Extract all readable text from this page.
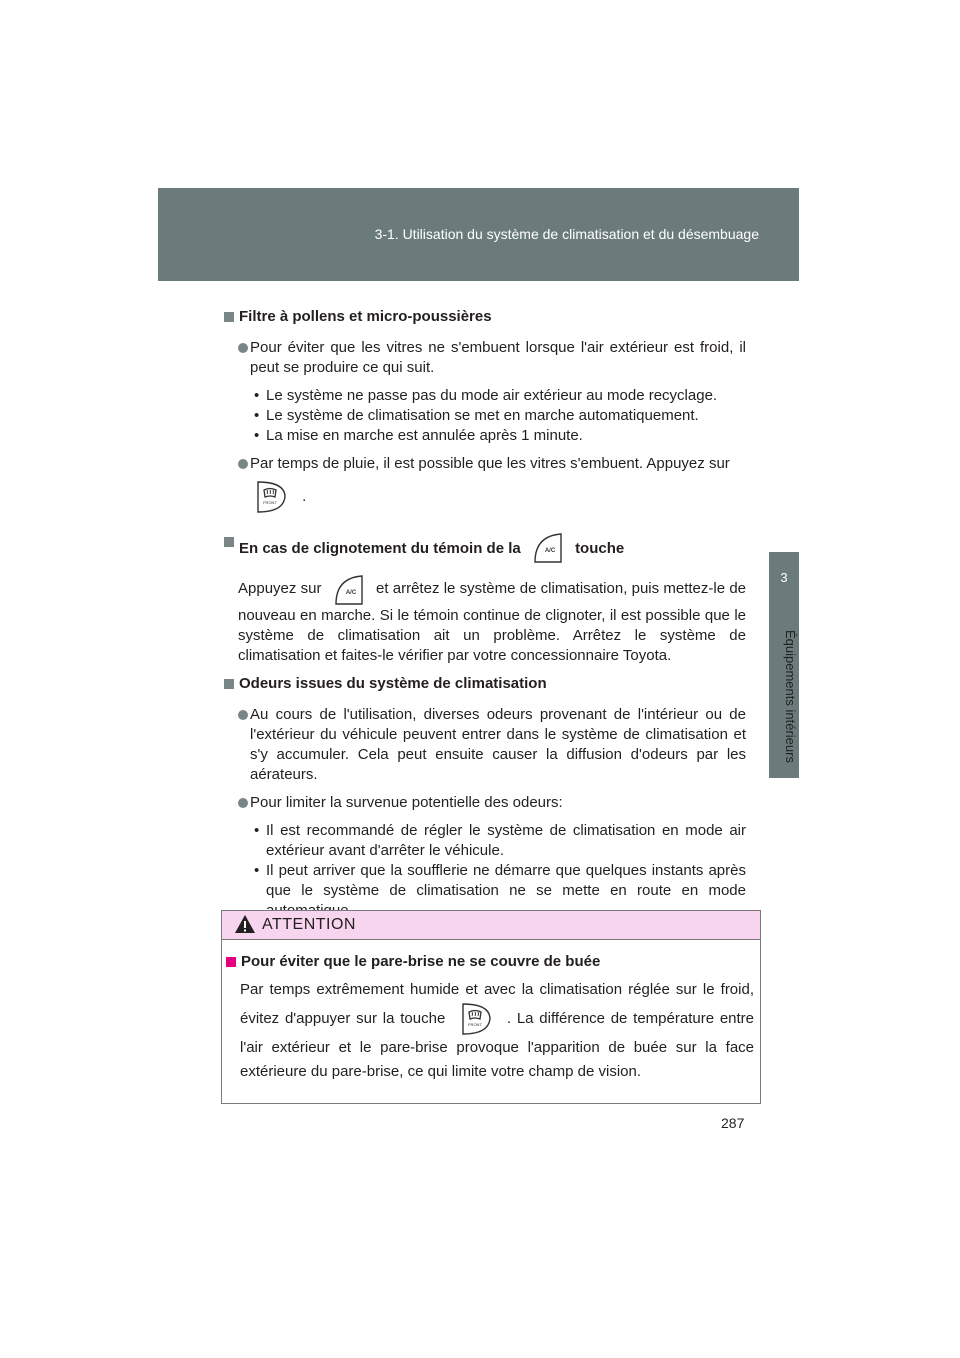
3-1. Utilisation du système de climatisation et du désembuage
3
Équipements intérieurs
Filtre à pollens et micro-poussières
Pour éviter que les vitres ne s'embuent lorsque l'air extérieur est froid, il peut se produire ce qui suit.
• Le système ne passe pas du mode air extérieur au mode recyclage.
• Le système de climatisation se met en marche automatiquement.
• La mise en marche est annulée après 1 minute.
Par temps de pluie, il est possible que les vitres s'embuent. Appuyez sur
FRONT .
En cas de clignotement du témoin de la	A/C touche
Appuyez sur	A/C et arrêtez le système de climatisation, puis mettez-le de nouveau en marche. Si le témoin continue de clignoter, il est possible que le système de climatisation ait un problème. Arrêtez le système de climatisation et faites-le vérifier par votre concessionnaire Toyota.
Odeurs issues du système de climatisation
Au cours de l'utilisation, diverses odeurs provenant de l'intérieur ou de l'extérieur du véhicule peuvent entrer dans le système de climatisation et s'y accumuler. Cela peut ensuite causer la diffusion d'odeurs par les aérateurs.
Pour limiter la survenue potentielle des odeurs:
• Il est recommandé de régler le système de climatisation en mode air extérieur avant d'arrêter le véhicule.
• Il peut arriver que la soufflerie ne démarre que quelques instants après que le système de climatisation ne se mette en route en mode
ATTENTION
Pour éviter que le pare-brise ne se couvre de buée
Par temps extrêmement humide et avec la climatisation réglée sur le froid, évitez d'appuyer sur la touche	FRONT . La différence de température entre l'air extérieur et le pare-brise provoque l'apparition de buée sur la face extérieure du pare-brise, ce qui limite votre champ de vision.
287
